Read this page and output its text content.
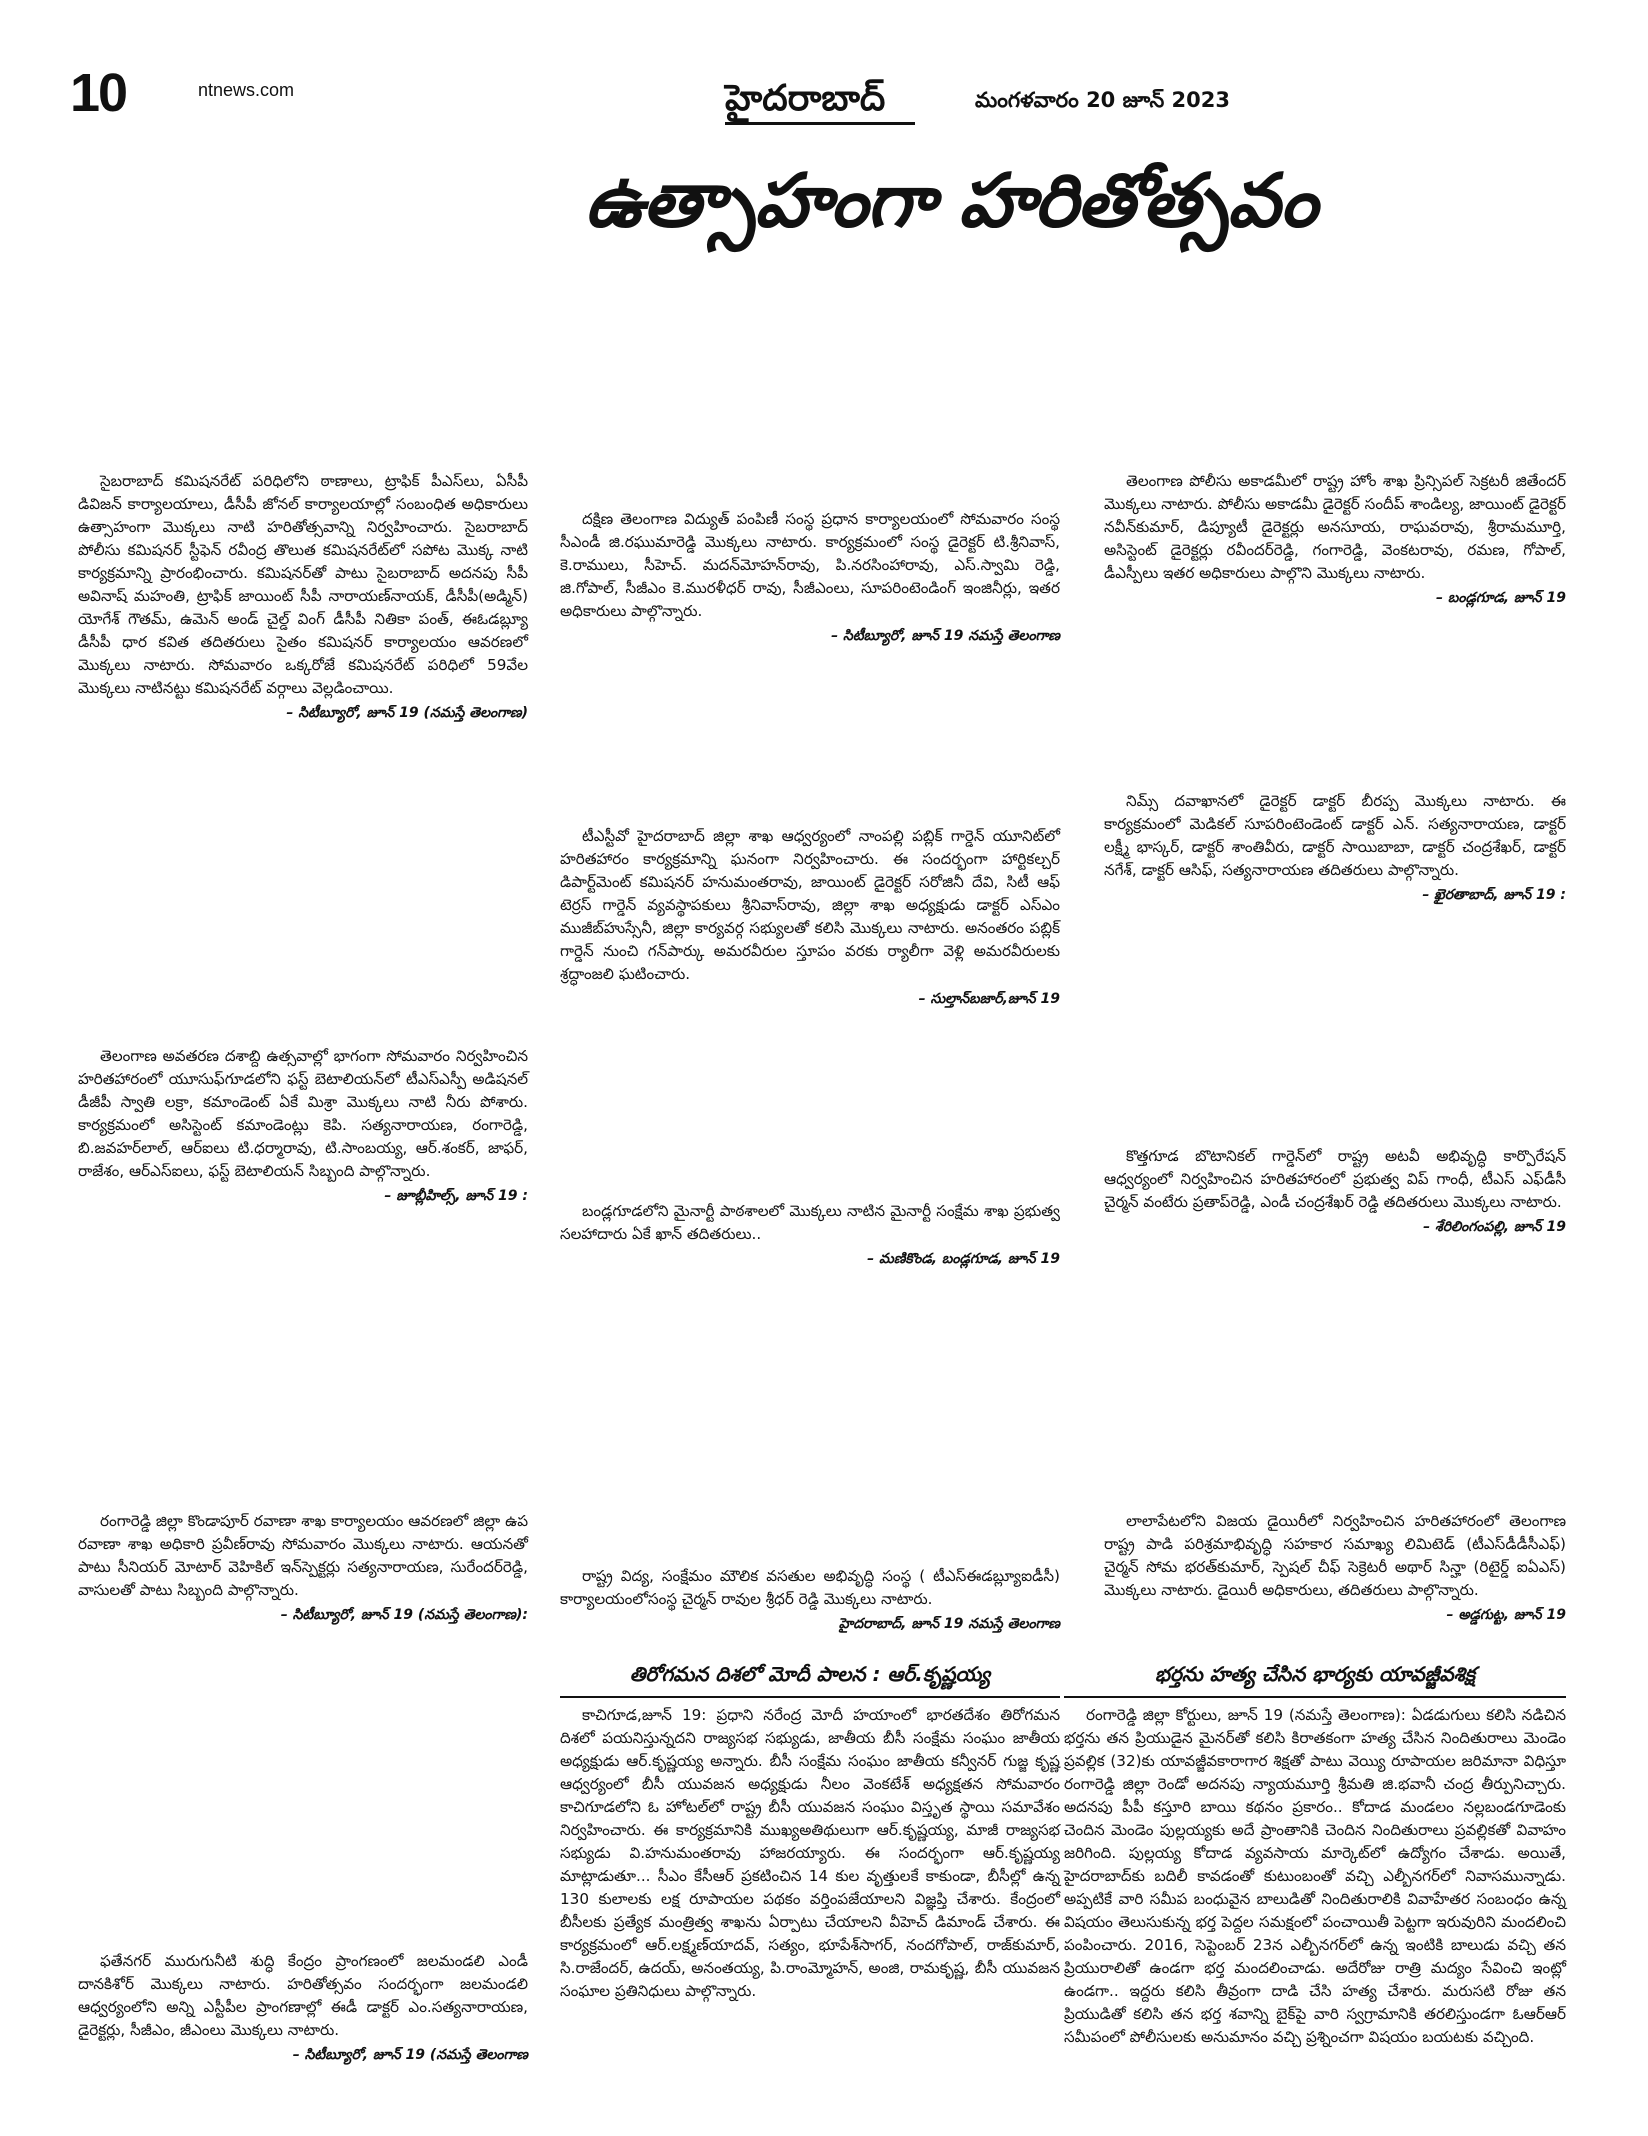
10	ntnews.com	హైదరాబాద్‌	మంగళవారం 20 జూన్‌ 2023
ఉత్సాహంగా హరితోత్సవం

సైబరాబాద్‌ కమిషనరేట్‌ పరిధిలోని ఠాణాలు, ట్రాఫిక్‌ పీఎస్‌లు, ఏసీపీ డివిజన్‌ కార్యాలయాలు, డీసీపీ జోనల్‌ కార్యాలయాల్లో సంబంధిత అధికారులు ఉత్సాహంగా మొక్కలు నాటి హరితోత్సవాన్ని నిర్వహించారు. సైబరాబాద్‌ పోలీసు కమిషనర్‌ స్టీఫెన్‌ రవీంద్ర తొలుత కమిషనరేట్‌లో సపోట మొక్క నాటి కార్యక్రమాన్ని ప్రారంభించారు. కమిషనర్‌తో పాటు సైబరాబాద్‌ అదనపు సీపీ అవినాష్‌ మహంతి, ట్రాఫిక్‌ జాయింట్‌ సీపీ నారాయణ్‌నాయక్‌, డీసీపీ(అడ్మిన్‌) యోగేశ్‌ గౌతమ్‌, ఉమెన్‌ అండ్‌ చైల్డ్‌ వింగ్‌ డీసీపీ నితికా పంత్‌, ఈఓడబ్ల్యూ డీసీపీ ధార కవిత తదితరులు సైతం కమిషనర్‌ కార్యాలయం ఆవరణలో మొక్కలు నాటారు. సోమవారం ఒక్కరోజే కమిషనరేట్‌ పరిధిలో 59వేల మొక్కలు నాటినట్టు కమిషనరేట్‌ వర్గాలు వెల్లడించాయి.

– సిటీబ్యూరో, జూన్‌ 19 (నమస్తే తెలంగాణ)

దక్షిణ తెలంగాణ విద్యుత్‌ పంపిణీ సంస్థ ప్రధాన కార్యాలయంలో సోమవారం సంస్థ సీఎండీ జి.రఘుమారెడ్డి మొక్కలు నాటారు. కార్యక్రమంలో సంస్థ డైరెక్టర్‌ టి.శ్రీనివాస్‌, కె.రాములు, సీహెచ్‌. మదన్‌మోహన్‌రావు, పి.నరసింహారావు, ఎస్‌.స్వామి రెడ్డి, జి.గోపాల్‌, సీజీఎం కె.మురళీధర్‌ రావు, సీజీఎంలు, సూపరింటెండింగ్‌ ఇంజినీర్లు, ఇతర అధికారులు పాల్గొన్నారు.

– సిటీబ్యూరో, జూన్‌ 19 నమస్తే తెలంగాణ

తెలంగాణ పోలీసు అకాడమీలో రాష్ట్ర హోం శాఖ ప్రిన్సిపల్‌ సెక్రటరీ జితేందర్‌ మొక్కలు నాటారు. పోలీసు అకాడమీ డైరెక్టర్‌ సందీప్‌ శాండిల్య, జాయింట్‌ డైరెక్టర్‌ నవీన్‌కుమార్‌, డిప్యూటీ డైరెక్టర్లు అనసూయ, రాఘవరావు, శ్రీరామమూర్తి, అసిస్టెంట్‌ డైరెక్టర్లు రవీందర్‌రెడ్డి, గంగారెడ్డి, వెంకటరావు, రమణ, గోపాల్‌, డీఎస్పీలు ఇతర అధికారులు పాల్గొని మొక్కలు నాటారు.

– బండ్లగూడ, జూన్‌ 19

టీఎస్టీవో హైదరాబాద్‌ జిల్లా శాఖ ఆధ్వర్యంలో నాంపల్లి పబ్లిక్‌ గార్డెన్‌ యూనిట్‌లో హరితహారం కార్యక్రమాన్ని ఘనంగా నిర్వహించారు. ఈ సందర్భంగా హార్టికల్చర్‌ డిపార్ట్‌మెంట్‌ కమిషనర్‌ హనుమంతరావు, జాయింట్‌ డైరెక్టర్‌ సరోజినీ దేవి, సిటీ ఆఫ్‌ టెర్రస్‌ గార్డెన్‌ వ్యవస్థాపకులు శ్రీనివాస్‌రావు, జిల్లా శాఖ అధ్యక్షుడు డాక్టర్‌ ఎస్‌ఎం ముజీబ్‌హుస్సేనీ, జిల్లా కార్యవర్గ సభ్యులతో కలిసి మొక్కలు నాటారు. అనంతరం పబ్లిక్‌ గార్డెన్‌ నుంచి గన్‌పార్కు అమరవీరుల స్తూపం వరకు ర్యాలీగా వెళ్లి అమరవీరులకు శ్రద్ధాంజలి ఘటించారు.

– సుల్తాన్‌బజార్‌,జూన్‌ 19

నిమ్స్‌ దవాఖానలో డైరెక్టర్‌ డాక్టర్‌ బీరప్ప మొక్కలు నాటారు. ఈ కార్యక్రమంలో మెడికల్‌ సూపరింటెండెంట్‌ డాక్టర్‌ ఎన్‌. సత్యనారాయణ, డాక్టర్‌ లక్ష్మీ భాస్కర్‌, డాక్టర్‌ శాంతివీరు, డాక్టర్‌ సాయిబాబా, డాక్టర్‌ చంద్రశేఖర్‌, డాక్టర్‌ నగేశ్‌, డాక్టర్‌ ఆసిఫ్‌, సత్యనారాయణ తదితరులు పాల్గొన్నారు.

– ఖైరతాబాద్‌, జూన్‌ 19 :

తెలంగాణ అవతరణ దశాబ్ది ఉత్సవాల్లో భాగంగా సోమవారం నిర్వహించిన హరితహారంలో యూసుఫ్‌గూడలోని ఫస్ట్‌ బెటాలియన్‌లో టీఎస్‌ఎస్పీ అడిషనల్‌ డీజీపీ స్వాతి లక్రా, కమాండెంట్‌ ఏకే మిశ్రా మొక్కలు నాటి నీరు పోశారు. కార్యక్రమంలో అసిస్టెంట్‌ కమాండెంట్లు కెపి. సత్యనారాయణ, రంగారెడ్డి, బి.జవహర్‌లాల్‌, ఆర్‌ఐలు టి.ధర్మారావు, టి.సాంబయ్య, ఆర్‌.శంకర్‌, జాఫర్‌, రాజేశం, ఆర్‌ఎస్‌ఐలు, ఫస్ట్‌ బెటాలియన్‌ సిబ్బంది పాల్గొన్నారు.

– జూబ్లీహిల్స్‌, జూన్‌ 19 :

బండ్లగూడలోని మైనార్టీ పాఠశాలలో మొక్కలు నాటిన మైనార్టీ సంక్షేమ శాఖ ప్రభుత్వ సలహాదారు ఏకే ఖాన్‌ తదితరులు..

– మణికొండ, బండ్లగూడ, జూన్‌ 19

కొత్తగూడ బొటానికల్‌ గార్డెన్‌లో రాష్ట్ర అటవీ అభివృద్ధి కార్పొరేషన్‌ ఆధ్వర్యంలో నిర్వహించిన హరితహారంలో ప్రభుత్వ విప్‌ గాంధీ, టీఎస్‌ ఎఫ్‌డీసీ చైర్మన్‌ వంటేరు ప్రతాప్‌రెడ్డి, ఎండీ చంద్రశేఖర్‌ రెడ్డి తదితరులు మొక్కలు నాటారు.

– శేరిలింగంపల్లి, జూన్‌ 19

రంగారెడ్డి జిల్లా కొండాపూర్‌ రవాణా శాఖ కార్యాలయం ఆవరణలో జిల్లా ఉప రవాణా శాఖ అధికారి ప్రవీణ్‌రావు సోమవారం మొక్కలు నాటారు. ఆయనతో పాటు సీనియర్‌ మోటార్‌ వెహికిల్‌ ఇన్‌స్పెక్టర్లు సత్యనారాయణ, సురేందర్‌రెడ్డి, వాసులతో పాటు సిబ్బంది పాల్గొన్నారు.

– సిటీబ్యూరో, జూన్‌ 19 (నమస్తే తెలంగాణ):

రాష్ట్ర విద్య, సంక్షేమం మౌలిక వసతుల అభివృద్ధి సంస్థ ( టీఎస్‌ఈడబ్ల్యూఐడీసీ) కార్యాలయంలోసంస్థ చైర్మన్‌ రావుల శ్రీధర్‌ రెడ్డి మొక్కలు నాటారు.

హైదరాబాద్‌, జూన్‌ 19 నమస్తే తెలంగాణ

లాలాపేటలోని విజయ డైయిరీలో నిర్వహించిన హరితహారంలో తెలంగాణ రాష్ట్ర పాడి పరిశ్రమాభివృద్ధి సహకార సమాఖ్య లిమిటెడ్‌ (టీఎస్‌డీడీసీఎఫ్‌) చైర్మన్‌ సోమ భరత్‌కుమార్‌, స్పెషల్‌ చీఫ్‌ సెక్రెటరీ అథార్‌ సిన్హా (రిటైర్డ్‌ ఐఏఎస్‌) మొక్కలు నాటారు. డైయిరీ అధికారులు, తదితరులు పాల్గొన్నారు.

– అడ్డగుట్ట, జూన్‌ 19
తిరోగమన దిశలో మోదీ పాలన : ఆర్‌.కృష్ణయ్య

కాచిగూడ,జూన్‌ 19: ప్రధాని నరేంద్ర మోదీ హయాంలో భారతదేశం తిరోగమన దిశలో పయనిస్తున్నదని రాజ్యసభ సభ్యుడు, జాతీయ బీసీ సంక్షేమ సంఘం జాతీయ అధ్యక్షుడు ఆర్‌.కృష్ణయ్య అన్నారు. బీసీ సంక్షేమ సంఘం జాతీయ కన్వీనర్‌ గుజ్జ కృష్ణ ఆధ్వర్యంలో బీసీ యువజన అధ్యక్షుడు నీలం వెంకటేశ్‌ అధ్యక్షతన సోమవారం కాచిగూడలోని ఓ హోటల్‌లో రాష్ట్ర బీసీ యువజన సంఘం విస్తృత స్థాయి సమావేశం నిర్వహించారు. ఈ కార్యక్రమానికి ముఖ్యఅతిథులుగా ఆర్‌.కృష్ణయ్య, మాజీ రాజ్యసభ సభ్యుడు వి.హనుమంతరావు హాజరయ్యారు. ఈ సందర్భంగా ఆర్‌.కృష్ణయ్య మాట్లాడుతూ... సీఎం కేసీఆర్‌ ప్రకటించిన 14 కుల వృత్తులకే కాకుండా, బీసీల్లో ఉన్న 130 కులాలకు లక్ష రూపాయల పథకం వర్తింపజేయాలని విజ్ఞప్తి చేశారు. కేంద్రంలో బీసీలకు ప్రత్యేక మంత్రిత్వ శాఖను ఏర్పాటు చేయాలని వీహెచ్‌ డిమాండ్‌ చేశారు. ఈ కార్యక్రమంలో ఆర్‌.లక్ష్మణ్‌యాదవ్‌, సత్యం, భూపేశ్‌సాగర్‌, నందగోపాల్‌, రాజ్‌కుమార్‌, సి.రాజేందర్‌, ఉదయ్‌, అనంతయ్య, పి.రాంమ్మోహన్‌, అంజి, రామకృష్ణ, బీసీ యువజన సంఘాల ప్రతినిధులు పాల్గొన్నారు.

భర్తను హత్య చేసిన భార్యకు యావజ్జీవశిక్ష

రంగారెడ్డి జిల్లా కోర్టులు, జూన్‌ 19 (నమస్తే తెలంగాణ): ఏడడుగులు కలిసి నడిచిన భర్తను తన ప్రియుడైన మైనర్‌తో కలిసి కిరాతకంగా హత్య చేసిన నిందితురాలు మెండెం ప్రవల్లిక (32)కు యావజ్జీవకారాగార శిక్షతో పాటు వెయ్యి రూపాయల జరిమానా విధిస్తూ రంగారెడ్డి జిల్లా రెండో అదనపు న్యాయమూర్తి శ్రీమతి జి.భవానీ చంద్ర తీర్పునిచ్చారు. అదనపు పీపీ కస్తూరి బాయి కథనం ప్రకారం.. కోదాడ మండలం నల్లబండగూడెంకు చెందిన మెండెం పుల్లయ్యకు అదే ప్రాంతానికి చెందిన నిందితురాలు ప్రవల్లికతో వివాహం జరిగింది. పుల్లయ్య కోదాడ వ్యవసాయ మార్కెట్‌లో ఉద్యోగం చేశాడు. అయితే, హైదరాబాద్‌కు బదిలీ కావడంతో కుటుంబంతో వచ్చి ఎల్బీనగర్‌లో నివాసమున్నాడు. అప్పటికే వారి సమీప బంధువైన బాలుడితో నిందితురాలికి వివాహేతర సంబంధం ఉన్న విషయం తెలుసుకున్న భర్త పెద్దల సమక్షంలో పంచాయితీ పెట్టగా ఇరువురిని మందలించి పంపించారు. 2016, సెప్టెంబర్‌ 23న ఎల్బీనగర్‌లో ఉన్న ఇంటికి బాలుడు వచ్చి తన ప్రియురాలితో ఉండగా భర్త మందలించాడు. అదేరోజు రాత్రి మద్యం సేవించి ఇంట్లో ఉండగా.. ఇద్దరు కలిసి తీవ్రంగా దాడి చేసి హత్య చేశారు. మరుసటి రోజు తన ప్రియుడితో కలిసి తన భర్త శవాన్ని బైక్‌పై వారి స్వగ్రామానికి తరలిస్తుండగా ఓఆర్‌ఆర్‌ సమీపంలో పోలీసులకు అనుమానం వచ్చి ప్రశ్నించగా విషయం బయటకు వచ్చింది.

ఫతేనగర్‌ మురుగునీటి శుద్ధి కేంద్రం ప్రాంగణంలో జలమండలి ఎండీ దానకిశోర్‌ మొక్కలు నాటారు. హరితోత్సవం సందర్భంగా జలమండలి ఆధ్వర్యంలోని అన్ని ఎస్టీపీల ప్రాంగణాల్లో ఈడీ డాక్టర్‌ ఎం.సత్యనారాయణ, డైరెక్టర్లు, సీజీఎం, జీఎంలు మొక్కలు నాటారు.

– సిటీబ్యూరో, జూన్‌ 19 (నమస్తే తెలంగాణ
